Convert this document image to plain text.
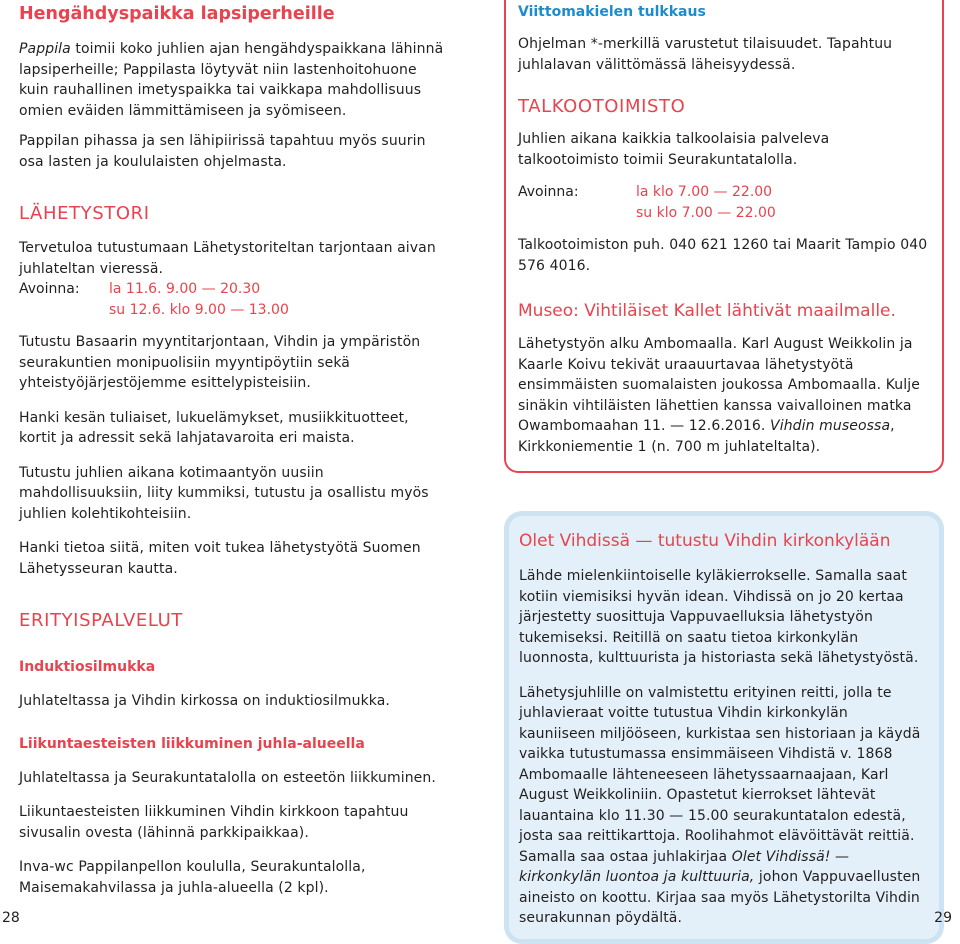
Hengähdyspaikka lapsiperheille

Pappila toimii koko juhlien ajan hengähdyspaikkana lähinnä lapsiperheille; Pappilasta löytyvät niin lastenhoitohuone kuin rauhallinen imetyspaikka tai vaikkapa mahdollisuus omien eväiden lämmittämiseen ja syömiseen.

Pappilan pihassa ja sen lähipiirissä tapahtuu myös suurin osa lasten ja koululaisten ohjelmasta.

LÄHETYSTORI

Tervetuloa tutustumaan Lähetystoriteltan tarjontaan aivan juhlateltan vieressä.

Avoinna:	la 11.6. 9.00 — 20.30
su 12.6. klo 9.00 — 13.00

Tutustu Basaarin myyntitarjontaan, Vihdin ja ympäristön seurakuntien monipuolisiin myyntipöytiin sekä yhteistyöjärjestöjemme esittelypisteisiin.

Hanki kesän tuliaiset, lukuelämykset, musiikkituotteet, kortit ja adressit sekä lahjatavaroita eri maista.

Tutustu juhlien aikana kotimaantyön uusiin mahdollisuuksiin, liity kummiksi, tutustu ja osallistu myös juhlien kolehtikohteisiin.

Hanki tietoa siitä, miten voit tukea lähetystyötä Suomen Lähetysseuran kautta.

ERITYISPALVELUT
Induktiosilmukka

Juhlateltassa ja Vihdin kirkossa on induktiosilmukka.

Liikuntaesteisten liikkuminen juhla-alueella

Juhlateltassa ja Seurakuntatalolla on esteetön liikkuminen.

Liikuntaesteisten liikkuminen Vihdin kirkkoon tapahtuu sivusalin ovesta (lähinnä parkkipaikkaa).

Inva-wc Pappilanpellon koululla, Seurakuntalolla, Maisemakahvilassa ja juhla-alueella (2 kpl).

28
Viittomakielen tulkkaus

Ohjelman *-merkillä varustetut tilaisuudet. Tapahtuu juhlalavan välittömässä läheisyydessä.

TALKOOTOIMISTO

Juhlien aikana kaikkia talkoolaisia palveleva talkootoimisto toimii Seurakuntatalolla.

Avoinna:	la klo 7.00 — 22.00
su klo 7.00 — 22.00

Talkootoimiston puh. 040 621 1260 tai Maarit Tampio 040 576 4016.

Museo: Vihtiläiset Kallet lähtivät maailmalle.

Lähetystyön alku Ambomaalla. Karl August Weikkolin ja Kaarle Koivu tekivät uraauurtavaa lähetystyötä ensimmäisten suomalaisten joukossa Ambomaalla. Kulje sinäkin vihtiläisten lähettien kanssa vaivalloinen matka Owambomaahan 11. — 12.6.2016. Vihdin museossa, Kirkkoniementie 1 (n. 700 m juhlateltalta).

Olet Vihdissä — tutustu Vihdin kirkonkylään

Lähde mielenkiintoiselle kyläkierrokselle. Samalla saat kotiin viemisiksi hyvän idean. Vihdissä on jo 20 kertaa järjestetty suosittuja Vappuvaelluksia lähetystyön tukemiseksi. Reitillä on saatu tietoa kirkonkylän luonnosta, kulttuurista ja historiasta sekä lähetystyöstä.

Lähetysjuhlille on valmistettu erityinen reitti, jolla te juhlavieraat voitte tutustua Vihdin kirkonkylän kauniiseen miljööseen, kurkistaa sen historiaan ja käydä vaikka tutustumassa ensimmäiseen Vihdistä v. 1868 Ambomaalle lähteneeseen lähetyssaarnaajaan, Karl August Weikkoliniin. Opastetut kierrokset lähtevät lauantaina klo 11.30 — 15.00 seurakuntatalon edestä, josta saa reittikarttoja. Roolihahmot elävöittävät reittiä. Samalla saa ostaa juhlakirjaa Olet Vihdissä! — kirkonkylän luontoa ja kulttuuria, johon Vappuvaellusten aineisto on koottu. Kirjaa saa myös Lähetystorilta Vihdin seurakunnan pöydältä.	29
